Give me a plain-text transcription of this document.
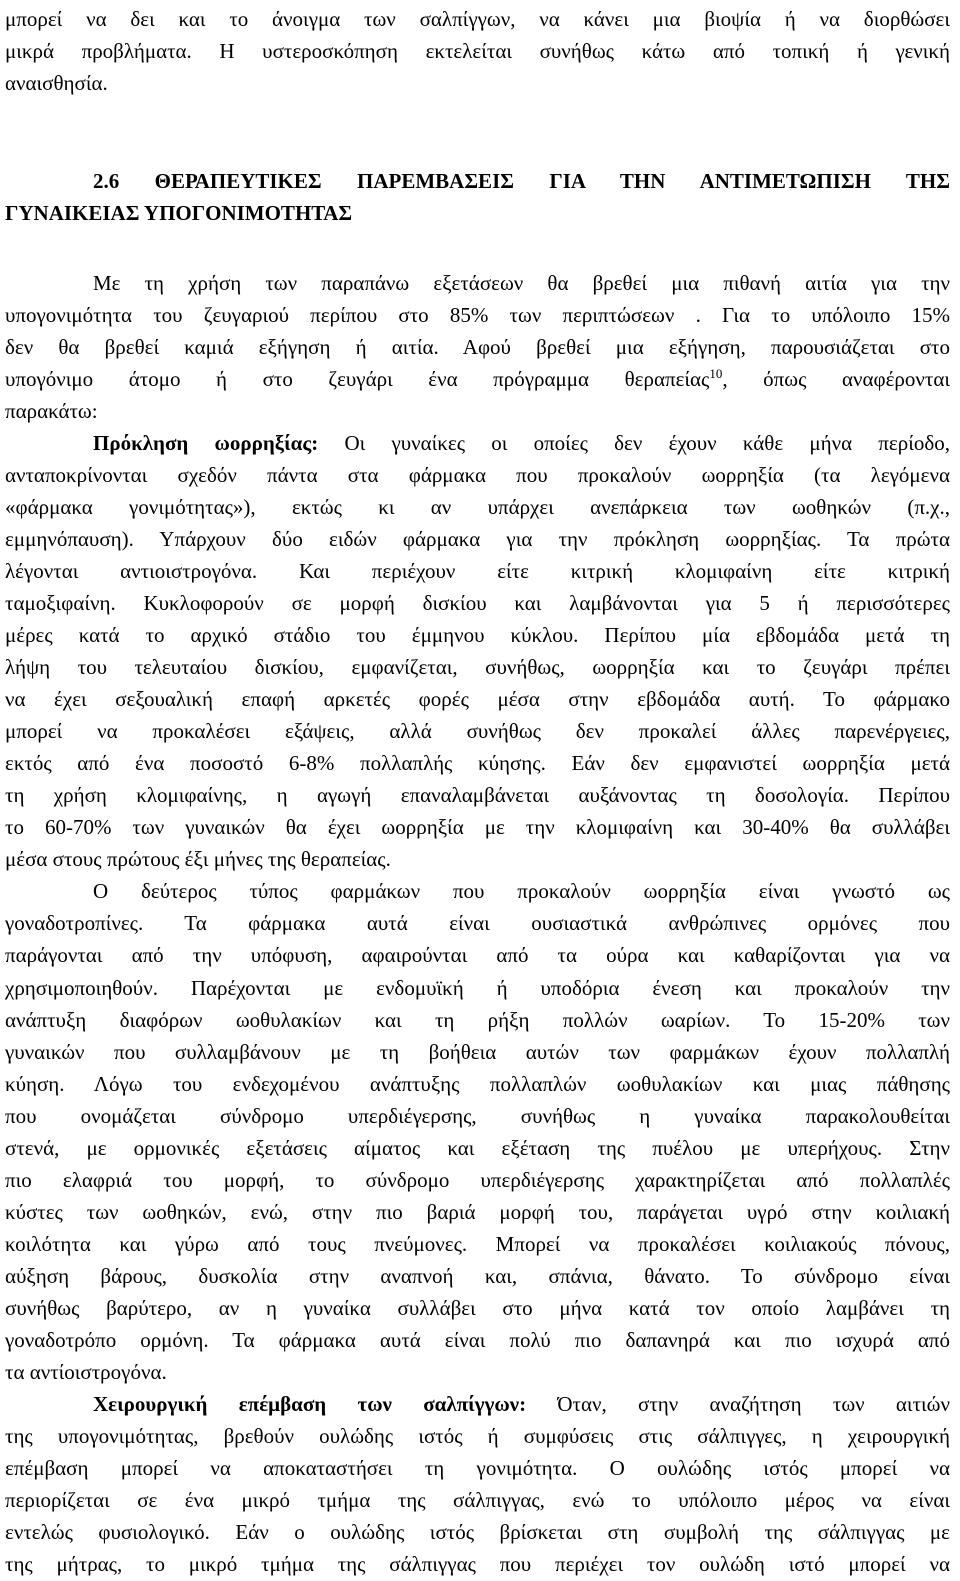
μπορεί να δει και το άνοιγμα των σαλπίγγων, να κάνει μια βιοψία ή να διορθώσει
μικρά προβλήματα. Η υστεροσκόπηση εκτελείται συνήθως κάτω από τοπική ή γενική
αναισθησία.
2.6 ΘΕΡΑΠΕΥΤΙΚΕΣ ΠΑΡΕΜΒΑΣΕΙΣ ΓΙΑ ΤΗΝ ΑΝΤΙΜΕΤΩΠΙΣΗ ΤΗΣ
ΓΥΝΑΙΚΕΙΑΣ ΥΠΟΓΟΝΙΜΟΤΗΤΑΣ
Με τη χρήση των παραπάνω εξετάσεων θα βρεθεί μια πιθανή αιτία για την
υπογονιμότητα του ζευγαριού περίπου στο 85% των περιπτώσεων . Για το υπόλοιπο 15%
δεν θα βρεθεί καμιά εξήγηση ή αιτία. Αφού βρεθεί μια εξήγηση, παρουσιάζεται στο
υπογόνιμο άτομο ή στο ζευγάρι ένα πρόγραμμα θεραπείας$^{10}$, όπως αναφέρονται
παρακάτω:
Πρόκληση ωορρηξίας: Οι γυναίκες οι οποίες δεν έχουν κάθε μήνα περίοδο,
ανταποκρίνονται σχεδόν πάντα στα φάρμακα που προκαλούν ωορρηξία (τα λεγόμενα
«φάρμακα γονιμότητας»), εκτώς κι αν υπάρχει ανεπάρκεια των ωοθηκών (π.χ.,
εμμηνόπαυση). Υπάρχουν δύο ειδών φάρμακα για την πρόκληση ωορρηξίας. Τα πρώτα
λέγονται αντιοιστρογόνα. Και περιέχουν είτε κιτρική κλομιφαίνη είτε κιτρική
ταμοξιφαίνη. Κυκλοφορούν σε μορφή δισκίου και λαμβάνονται για 5 ή περισσότερες
μέρες κατά το αρχικό στάδιο του έμμηνου κύκλου. Περίπου μία εβδομάδα μετά τη
λήψη του τελευταίου δισκίου, εμφανίζεται, συνήθως, ωορρηξία και το ζευγάρι πρέπει
να έχει σεξουαλική επαφή αρκετές φορές μέσα στην εβδομάδα αυτή. Το φάρμακο
μπορεί να προκαλέσει εξάψεις, αλλά συνήθως δεν προκαλεί άλλες παρενέργειες,
εκτός από ένα ποσοστό 6-8% πολλαπλής κύησης. Εάν δεν εμφανιστεί ωορρηξία μετά
τη χρήση κλομιφαίνης, η αγωγή επαναλαμβάνεται αυξάνοντας τη δοσολογία. Περίπου
το 60-70% των γυναικών θα έχει ωορρηξία με την κλομιφαίνη και 30-40% θα συλλάβει
μέσα στους πρώτους έξι μήνες της θεραπείας.
Ο δεύτερος τύπος φαρμάκων που προκαλούν ωορρηξία είναι γνωστό ως
γοναδοτροπίνες. Τα φάρμακα αυτά είναι ουσιαστικά ανθρώπινες ορμόνες που
παράγονται από την υπόφυση, αφαιρούνται από τα ούρα και καθαρίζονται για να
χρησιμοποιηθούν. Παρέχονται με ενδομυϊκή ή υποδόρια ένεση και προκαλούν την
ανάπτυξη διαφόρων ωοθυλακίων και τη ρήξη πολλών ωαρίων. Το 15-20% των
γυναικών που συλλαμβάνουν με τη βοήθεια αυτών των φαρμάκων έχουν πολλαπλή
κύηση. Λόγω του ενδεχομένου ανάπτυξης πολλαπλών ωοθυλακίων και μιας πάθησης
που ονομάζεται σύνδρομο υπερδιέγερσης, συνήθως η γυναίκα παρακολουθείται
στενά, με ορμονικές εξετάσεις αίματος και εξέταση της πυέλου με υπερήχους. Στην
πιο ελαφριά του μορφή, το σύνδρομο υπερδιέγερσης χαρακτηρίζεται από πολλαπλές
κύστες των ωοθηκών, ενώ, στην πιο βαριά μορφή του, παράγεται υγρό στην κοιλιακή
κοιλότητα και γύρω από τους πνεύμονες. Μπορεί να προκαλέσει κοιλιακούς πόνους,
αύξηση βάρους, δυσκολία στην αναπνοή και, σπάνια, θάνατο. Το σύνδρομο είναι
συνήθως βαρύτερο, αν η γυναίκα συλλάβει στο μήνα κατά τον οποίο λαμβάνει τη
γοναδοτρόπο ορμόνη. Τα φάρμακα αυτά είναι πολύ πιο δαπανηρά και πιο ισχυρά από
τα αντίοιστρογόνα.
Χειρουργική επέμβαση των σαλπίγγων: Όταν, στην αναζήτηση των αιτιών
της υπογονιμότητας, βρεθούν ουλώδης ιστός ή συμφύσεις στις σάλπιγγες, η χειρουργική
επέμβαση μπορεί να αποκαταστήσει τη γονιμότητα. Ο ουλώδης ιστός μπορεί να
περιορίζεται σε ένα μικρό τμήμα της σάλπιγγας, ενώ το υπόλοιπο μέρος να είναι
εντελώς φυσιολογικό. Εάν ο ουλώδης ιστός βρίσκεται στη συμβολή της σάλπιγγας με
της μήτρας, το μικρό τμήμα της σάλπιγγας που περιέχει τον ουλώδη ιστό μπορεί να
